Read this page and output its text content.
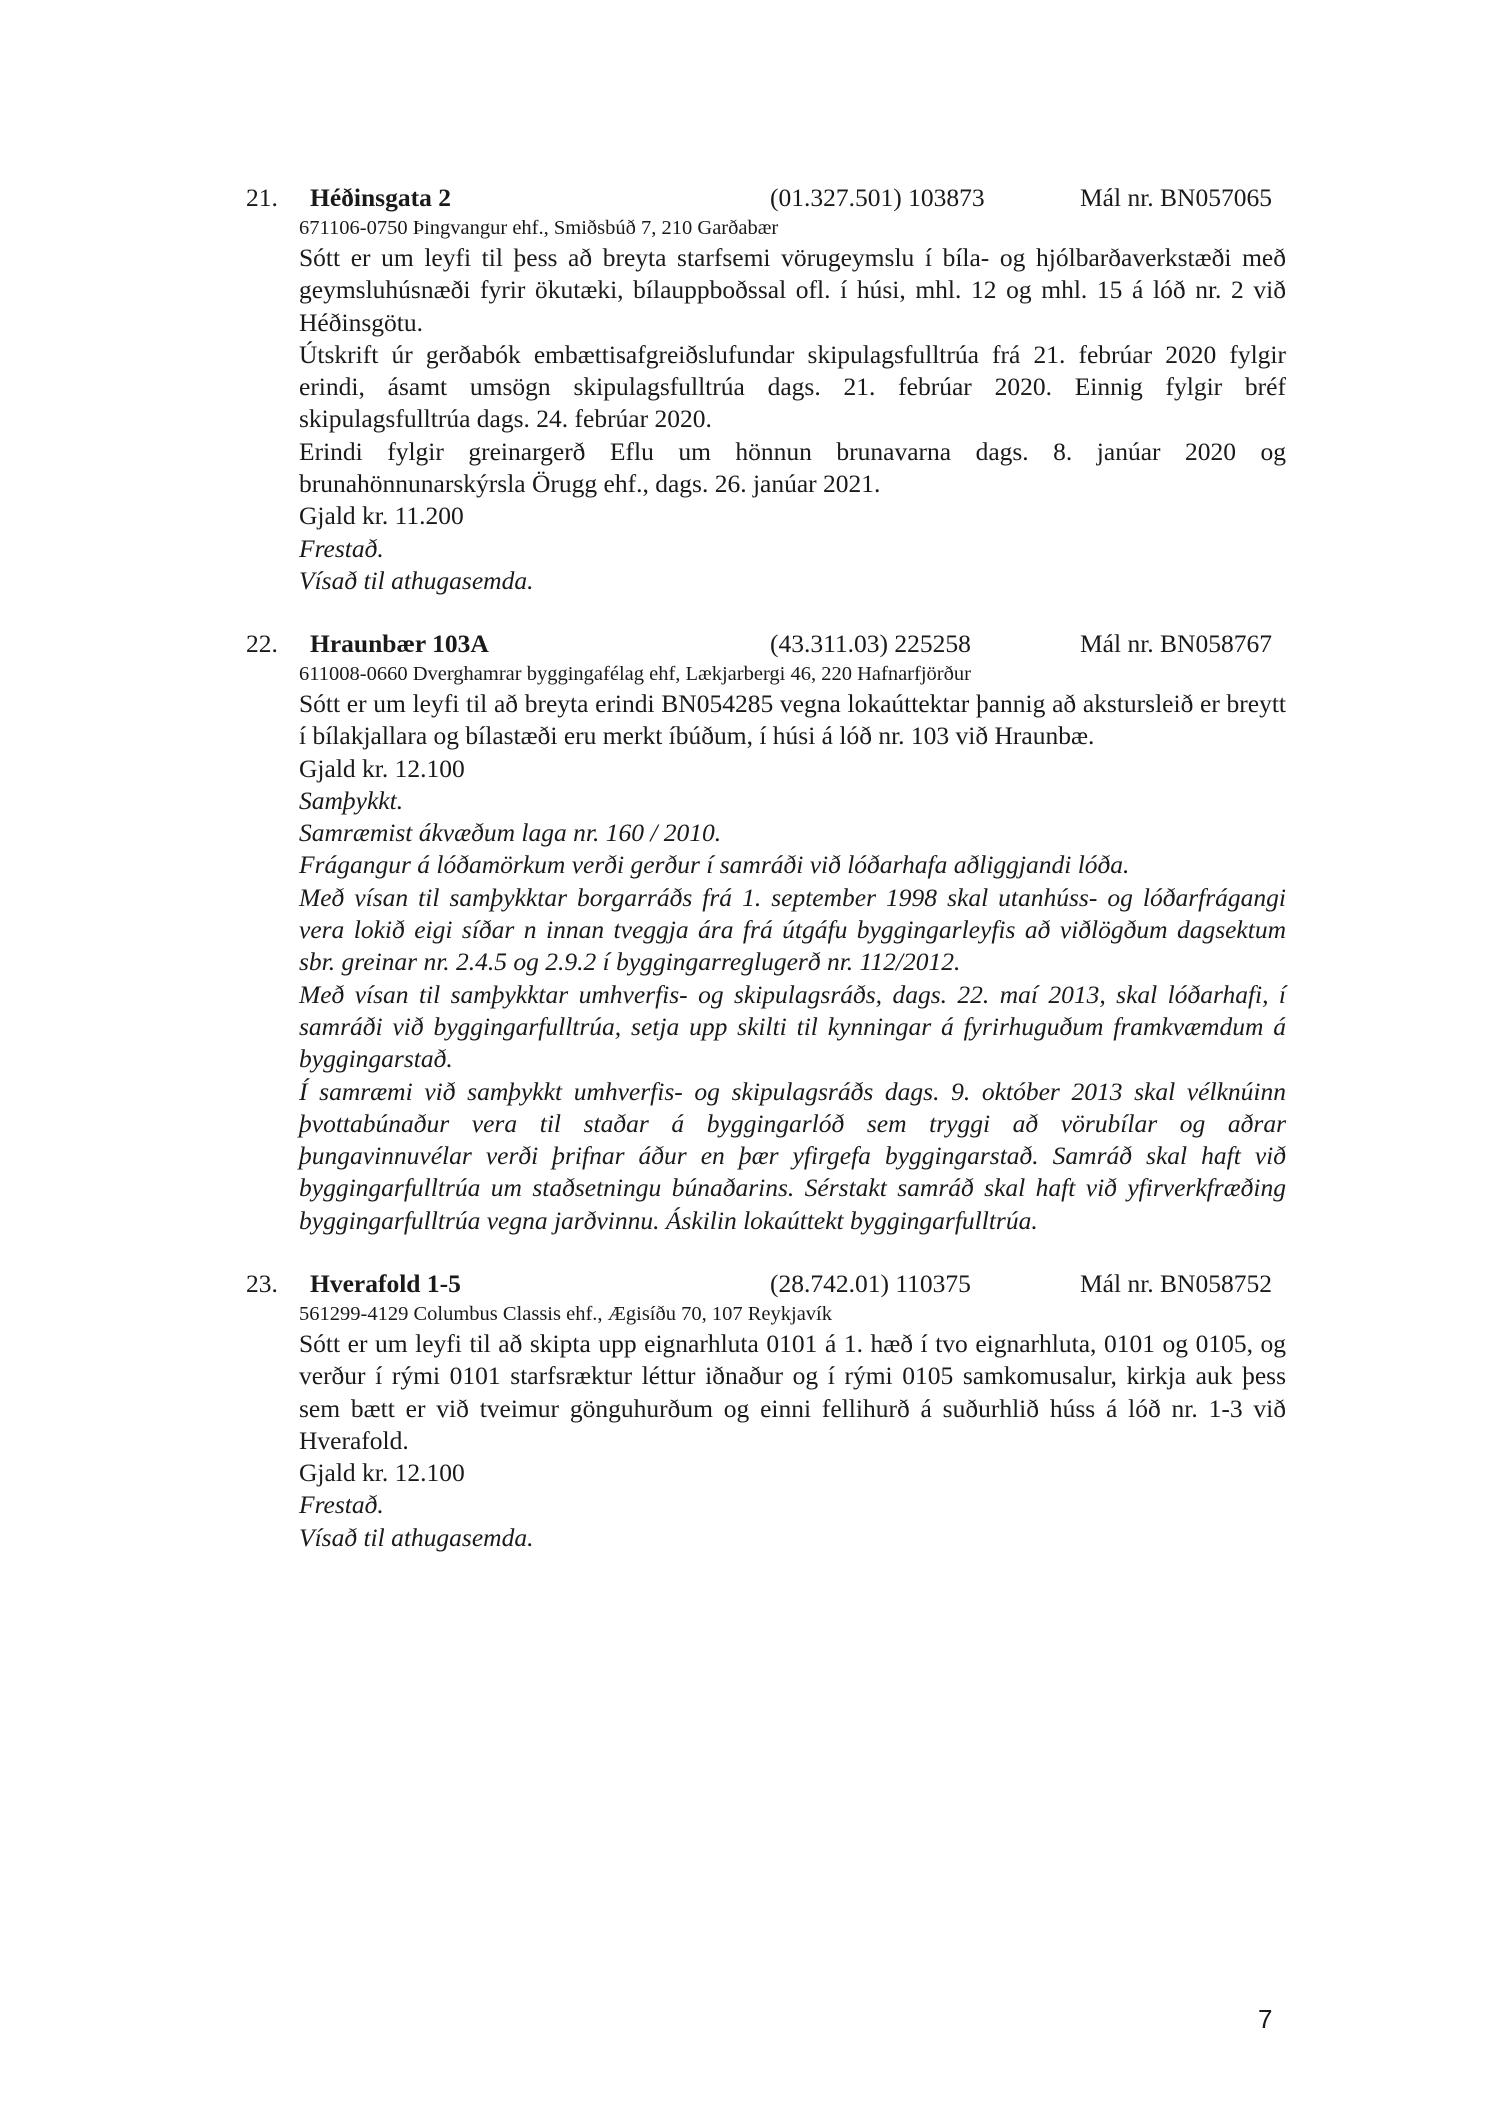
21. Héðinsgata 2	(01.327.501) 103873	Mál nr. BN057065
671106-0750 Þingvangur ehf., Smiðsbúð 7, 210 Garðabær
Sótt er um leyfi til þess að breyta starfsemi vörugeymslu í bíla- og hjólbarðaverkstæði með geymsluhúsnæði fyrir ökutæki, bílauppboðssal ofl. í húsi, mhl. 12 og mhl. 15 á lóð nr. 2 við Héðinsgötu.
Útskrift úr gerðabók embættisafgreiðslufundar skipulagsfulltrúa frá 21. febrúar 2020 fylgir erindi, ásamt umsögn skipulagsfulltrúa dags. 21. febrúar 2020. Einnig fylgir bréf skipulagsfulltrúa dags. 24. febrúar 2020.
Erindi fylgir greinargerð Eflu um hönnun brunavarna dags. 8. janúar 2020 og brunahönnunarskýrsla Örugg ehf., dags. 26. janúar 2021.
Gjald kr. 11.200
Frestað.
Vísað til athugasemda.
22. Hraunbær 103A	(43.311.03) 225258	Mál nr. BN058767
611008-0660 Dverghamrar byggingafélag ehf, Lækjarbergi 46, 220 Hafnarfjörður
Sótt er um leyfi til að breyta erindi BN054285 vegna lokaúttektar þannig að akstursleið er breytt í bílakjallara og bílastæði eru merkt íbúðum, í húsi á lóð nr. 103 við Hraunbæ.
Gjald kr. 12.100
Samþykkt.
Samræmist ákvæðum laga nr. 160 / 2010.
Frágangur á lóðamörkum verði gerður í samráði við lóðarhafa aðliggjandi lóða.
Með vísan til samþykktar borgarráðs frá 1. september 1998 skal utanhúss- og lóðarfrágangi vera lokið eigi síðar n innan tveggja ára frá útgáfu byggingarleyfis að viðlögðum dagsektum sbr. greinar nr. 2.4.5 og 2.9.2 í byggingarreglugerð nr. 112/2012.
Með vísan til samþykktar umhverfis- og skipulagsráðs, dags. 22. maí 2013, skal lóðarhafi, í samráði við byggingarfulltrúa, setja upp skilti til kynningar á fyrirhuguðum framkvæmdum á byggingarstað.
Í samræmi við samþykkt umhverfis- og skipulagsráðs dags. 9. október 2013 skal vélknúinn þvottabúnaður vera til staðar á byggingarlóð sem tryggi að vörubílar og aðrar þungavinnuvélar verði þrifnar áður en þær yfirgefa byggingarstað. Samráð skal haft við byggingarfulltrúa um staðsetningu búnaðarins. Sérstakt samráð skal haft við yfirverkfræðing byggingarfulltrúa vegna jarðvinnu. Áskilin lokaúttekt byggingarfulltrúa.
23. Hverafold 1-5	(28.742.01) 110375	Mál nr. BN058752
561299-4129 Columbus Classis ehf., Ægisíðu 70, 107 Reykjavík
Sótt er um leyfi til að skipta upp eignarhluta 0101 á 1. hæð í tvo eignarhluta, 0101 og 0105, og verður í rými 0101 starfsræktur léttur iðnaður og í rými 0105 samkomusalur, kirkja auk þess sem bætt er við tveimur gönguhurðum og einni fellihurð á suðurhlið húss á lóð nr. 1-3 við Hverafold.
Gjald kr. 12.100
Frestað.
Vísað til athugasemda.
7
